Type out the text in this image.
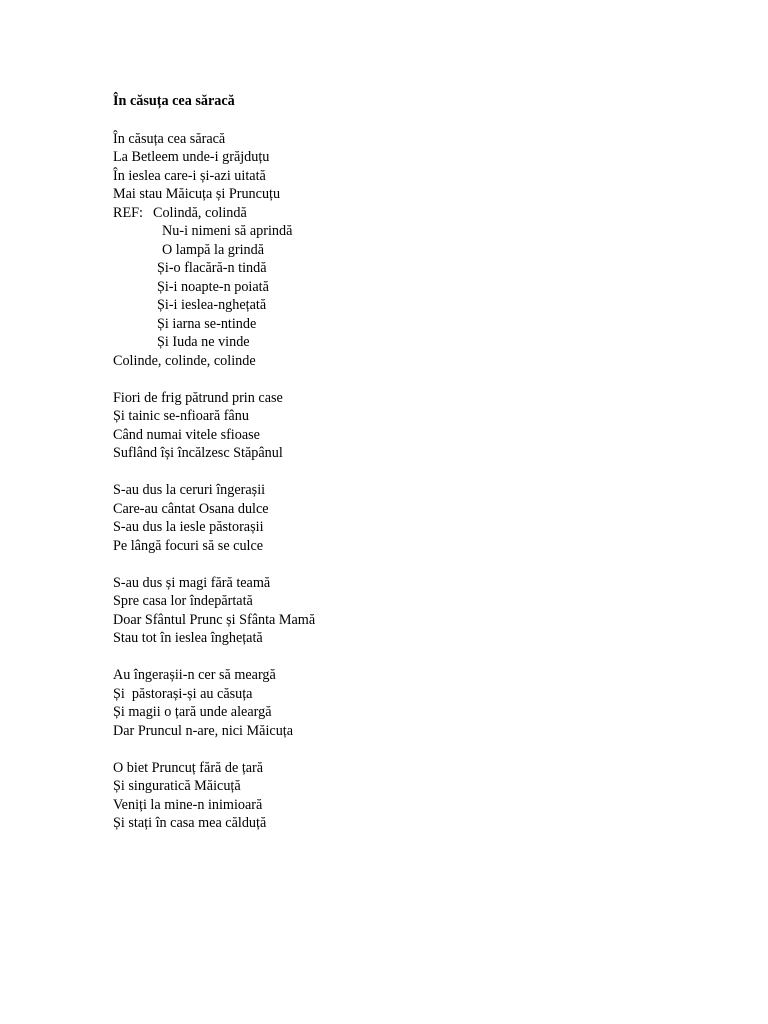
În căsuța cea săracă
În căsuța cea săracă
La Betleem unde-i grăjduțu
În ieslea care-i și-azi uitată
Mai stau Măicuța și Pruncuțu
REF: Colindă, colindă
Nu-i nimeni să aprindă
O lampă la grindă
Și-o flacără-n tindă
Și-i noapte-n poiată
Și-i ieslea-nghețată
Și iarna se-ntinde
Și Iuda ne vinde
Colinde, colinde, colinde
Fiori de frig pătrund prin case
Și tainic se-nfioară fânu
Când numai vitele sfioase
Suflând își încălzesc Stăpânul
S-au dus la ceruri îngerașii
Care-au cântat Osana dulce
S-au dus la iesle păstorașii
Pe lângă focuri să se culce
S-au dus și magi fără teamă
Spre casa lor îndepărtată
Doar Sfântul Prunc și Sfânta Mamă
Stau tot în ieslea înghețată
Au îngerașii-n cer să meargă
Și  păstorași-și au căsuța
Și magii o țară unde aleargă
Dar Pruncul n-are, nici Măicuța
O biet Pruncuț fără de țară
Și singuratică Măicuță
Veniți la mine-n inimioară
Și stați în casa mea călduță
